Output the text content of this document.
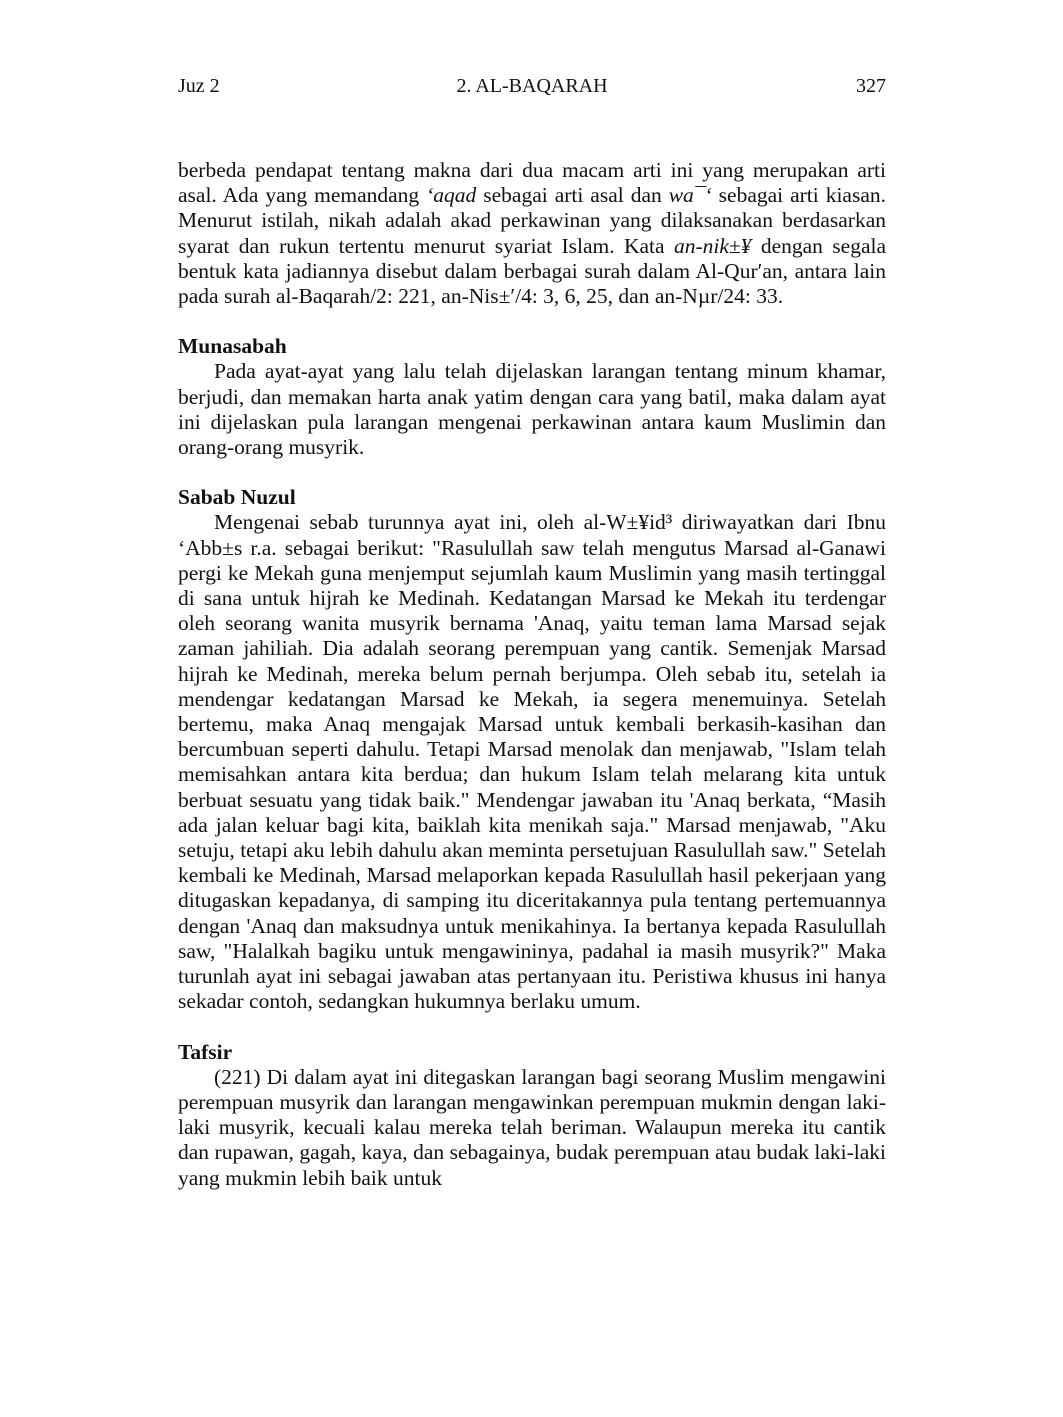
Juz 2	2. AL-BAQARAH	327

berbeda pendapat tentang makna dari dua macam arti ini yang merupakan arti asal. Ada yang memandang ‘aqad sebagai arti asal dan wa¯‘ sebagai arti kiasan. Menurut istilah, nikah adalah akad perkawinan yang dilaksanakan berdasarkan syarat dan rukun tertentu menurut syariat Islam. Kata an-nik±¥ dengan segala bentuk kata jadiannya disebut dalam berbagai surah dalam Al-Qur′an, antara lain pada surah al-Baqarah/2: 221, an-Nis±′/4: 3, 6, 25, dan an-Nµr/24: 33.

Munasabah

Pada ayat-ayat yang lalu telah dijelaskan larangan tentang minum khamar, berjudi, dan memakan harta anak yatim dengan cara yang batil, maka dalam ayat ini dijelaskan pula larangan mengenai perkawinan antara kaum Muslimin dan orang-orang musyrik.

Sabab Nuzul

Mengenai sebab turunnya ayat ini, oleh al-W±¥id³ diriwayatkan dari Ibnu ‘Abb±s r.a. sebagai berikut: "Rasulullah saw telah mengutus Marsad al-Ganawi pergi ke Mekah guna menjemput sejumlah kaum Muslimin yang masih tertinggal di sana untuk hijrah ke Medinah. Kedatangan Marsad ke Mekah itu terdengar oleh seorang wanita musyrik bernama 'Anaq, yaitu teman lama Marsad sejak zaman jahiliah. Dia adalah seorang perempuan yang cantik. Semenjak Marsad hijrah ke Medinah, mereka belum pernah berjumpa. Oleh sebab itu, setelah ia mendengar kedatangan Marsad ke Mekah, ia segera menemuinya. Setelah bertemu, maka Anaq mengajak Marsad untuk kembali berkasih-kasihan dan bercumbuan seperti dahulu. Tetapi Marsad menolak dan menjawab, "Islam telah memisahkan antara kita berdua; dan hukum Islam telah melarang kita untuk berbuat sesuatu yang tidak baik." Mendengar jawaban itu 'Anaq berkata, “Masih ada jalan keluar bagi kita, baiklah kita menikah saja." Marsad menjawab, "Aku setuju, tetapi aku lebih dahulu akan meminta persetujuan Rasulullah saw." Setelah kembali ke Medinah, Marsad melaporkan kepada Rasulullah hasil pekerjaan yang ditugaskan kepadanya, di samping itu diceritakannya pula tentang pertemuannya dengan 'Anaq dan maksudnya untuk menikahinya. Ia bertanya kepada Rasulullah saw, "Halalkah bagiku untuk mengawininya, padahal ia masih musyrik?" Maka turunlah ayat ini sebagai jawaban atas pertanyaan itu. Peristiwa khusus ini hanya sekadar contoh, sedangkan hukumnya berlaku umum.

Tafsir

(221) Di dalam ayat ini ditegaskan larangan bagi seorang Muslim mengawini perempuan musyrik dan larangan mengawinkan perempuan mukmin dengan laki-laki musyrik, kecuali kalau mereka telah beriman. Walaupun mereka itu cantik dan rupawan, gagah, kaya, dan sebagainya, budak perempuan atau budak laki-laki yang mukmin lebih baik untuk
